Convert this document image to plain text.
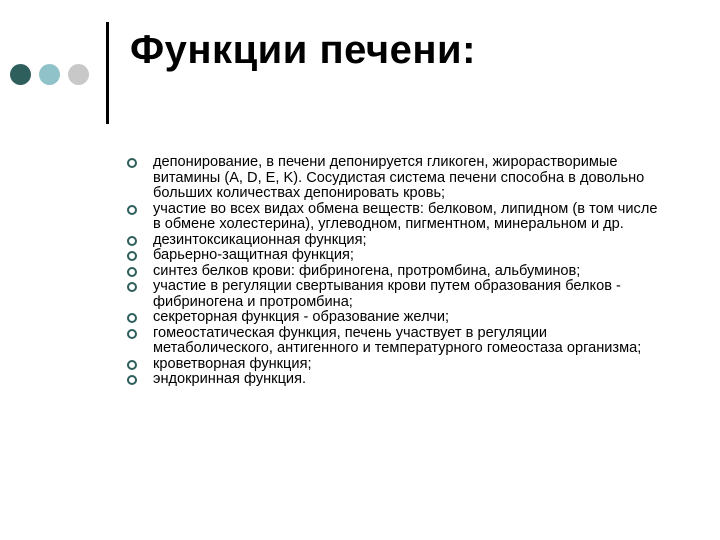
Функции печени:
депонирование, в печени депонируется гликоген, жирорастворимые витамины (A, D, E, K). Сосудистая система печени способна в довольно больших количествах депонировать кровь;
участие во всех видах обмена веществ: белковом, липидном (в том числе в обмене холестерина), углеводном, пигментном, минеральном и др.
дезинтоксикационная функция;
барьерно-защитная функция;
синтез белков крови: фибриногена, протромбина, альбуминов;
участие в регуляции свертывания крови путем образования белков - фибриногена и протромбина;
секреторная функция - образование желчи;
гомеостатическая функция, печень участвует в регуляции метаболического, антигенного и температурного гомеостаза организма;
кроветворная функция;
эндокринная функция.
